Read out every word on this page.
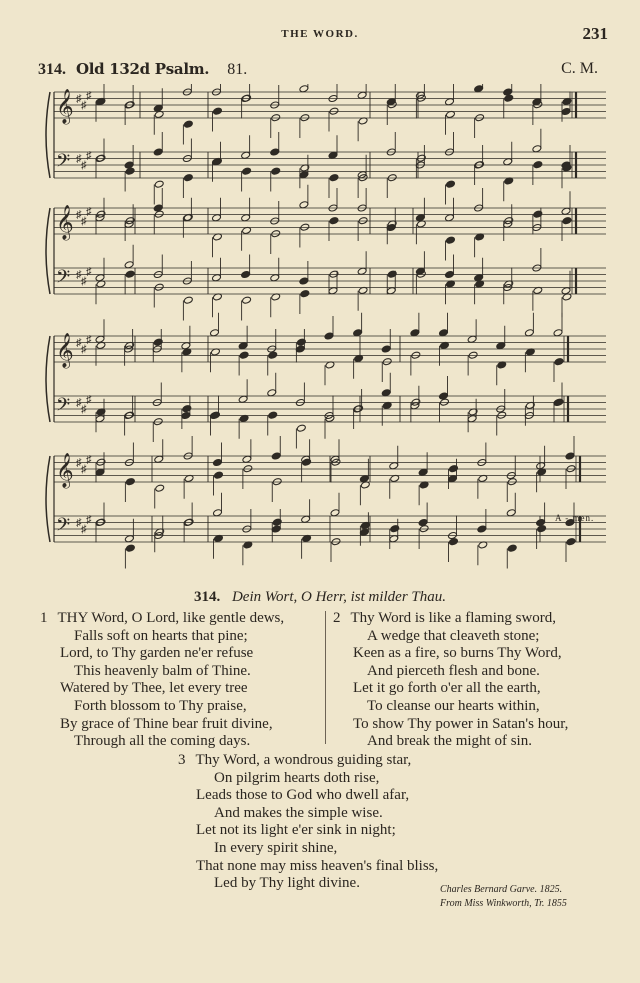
THE WORD.	231
314. Old 132d Psalm. 81.	C. M.
𝄞 ♯
♯
♯
𝄢 ♯
♯
♯
𝄞 ♯
♯
♯
𝄢 ♯
♯
♯
𝄞 ♯
♯
♯
𝄢 ♯
♯
♯
𝄞 ♯
♯
♯
𝄢 ♯
♯
♯	A - men.
314. Dein Wort, O Herr, ist milder Thau.
1 THY Word, O Lord, like gentle dews,
Falls soft on hearts that pine;
Lord, to Thy garden ne'er refuse
This heavenly balm of Thine.
Watered by Thee, let every tree
Forth blossom to Thy praise,
By grace of Thine bear fruit divine,
Through all the coming days.
2 Thy Word is like a flaming sword,
A wedge that cleaveth stone;
Keen as a fire, so burns Thy Word,
And pierceth flesh and bone.
Let it go forth o'er all the earth,
To cleanse our hearts within,
To show Thy power in Satan's hour,
And break the might of sin.
3 Thy Word, a wondrous guiding star,
On pilgrim hearts doth rise,
Leads those to God who dwell afar,
And makes the simple wise.
Let not its light e'er sink in night;
In every spirit shine,
That none may miss heaven's final bliss,
Led by Thy light divine.	Charles Bernard Garve. 1825.
From Miss Winkworth, Tr. 1855
